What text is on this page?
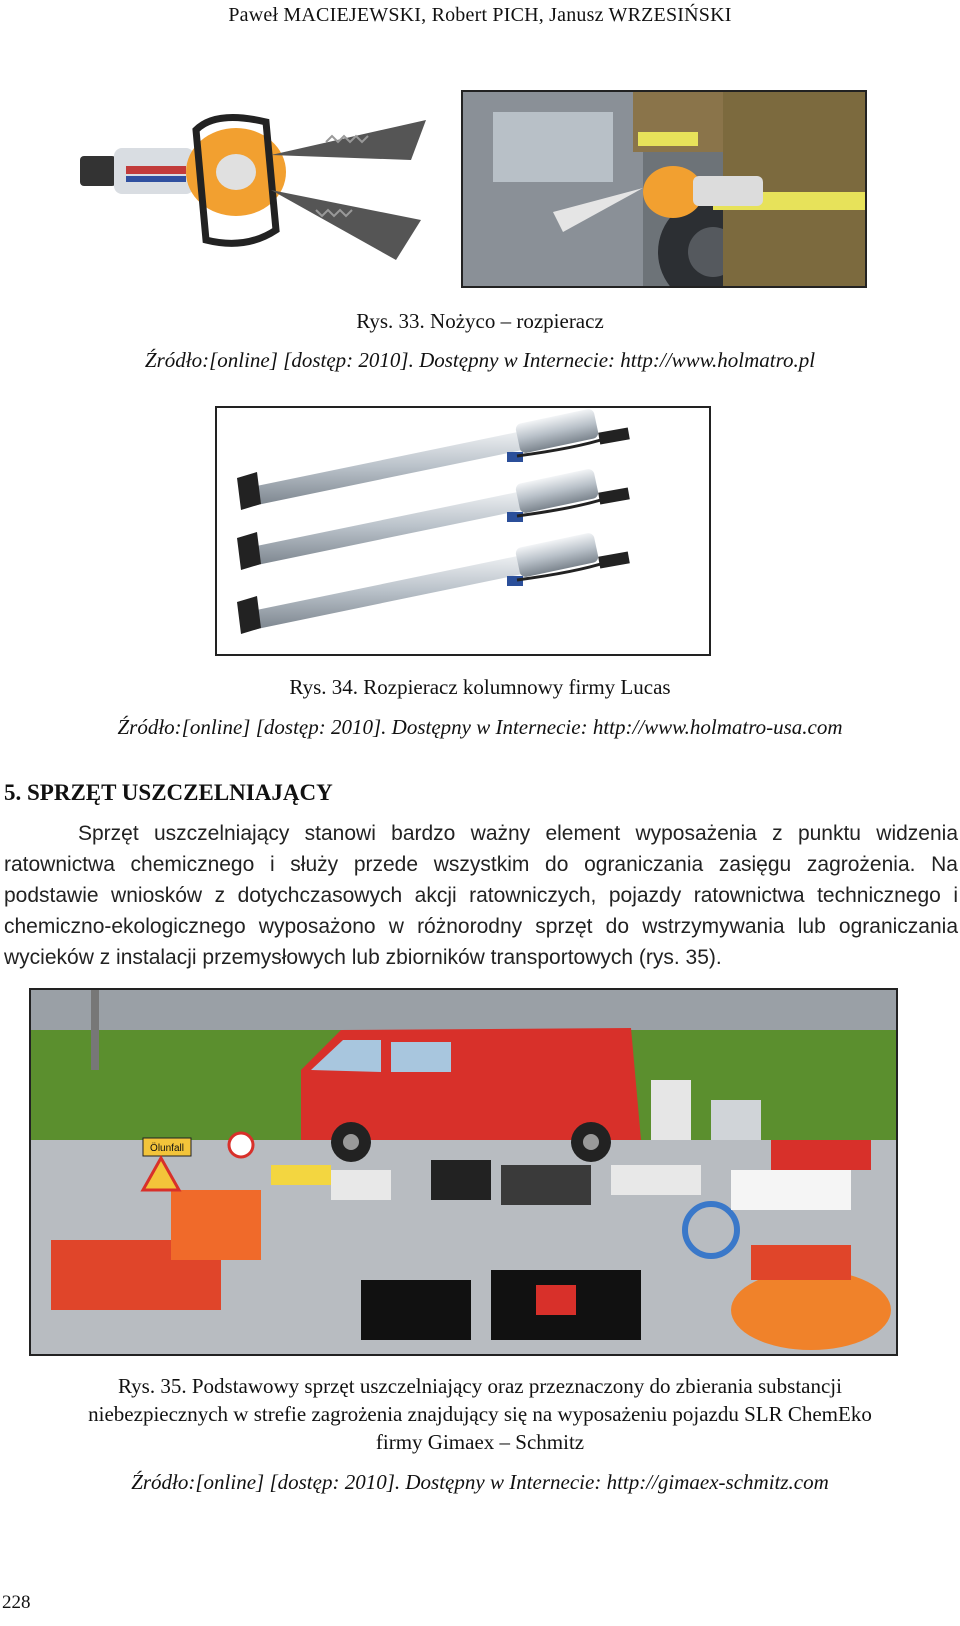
Paweł MACIEJEWSKI, Robert PICH, Janusz WRZESIŃSKI
Rys. 33. Nożyco – rozpieracz
Źródło:[online] [dostęp: 2010]. Dostępny w Internecie: http://www.holmatro.pl
Rys. 34. Rozpieracz kolumnowy firmy Lucas
Źródło:[online] [dostęp: 2010]. Dostępny w Internecie: http://www.holmatro-usa.com
5. SPRZĘT USZCZELNIAJĄCY

Sprzęt uszczelniający stanowi bardzo ważny element wyposażenia z punktu widzenia ratownictwa chemicznego i służy przede wszystkim do ograniczania zasięgu zagrożenia. Na podstawie wniosków z dotychczasowych akcji ratowniczych, pojazdy ratownictwa technicznego i chemiczno-ekologicznego wyposażono w różnorodny sprzęt do wstrzymywania lub ograniczania wycieków z instalacji przemysłowych lub zbiorników transportowych (rys. 35).

Ölunfall
Rys. 35. Podstawowy sprzęt uszczelniający oraz przeznaczony do zbierania substancji
niebezpiecznych w strefie zagrożenia znajdujący się na wyposażeniu pojazdu SLR ChemEko
firmy Gimaex – Schmitz
Źródło:[online] [dostęp: 2010]. Dostępny w Internecie: http://gimaex-schmitz.com
228
